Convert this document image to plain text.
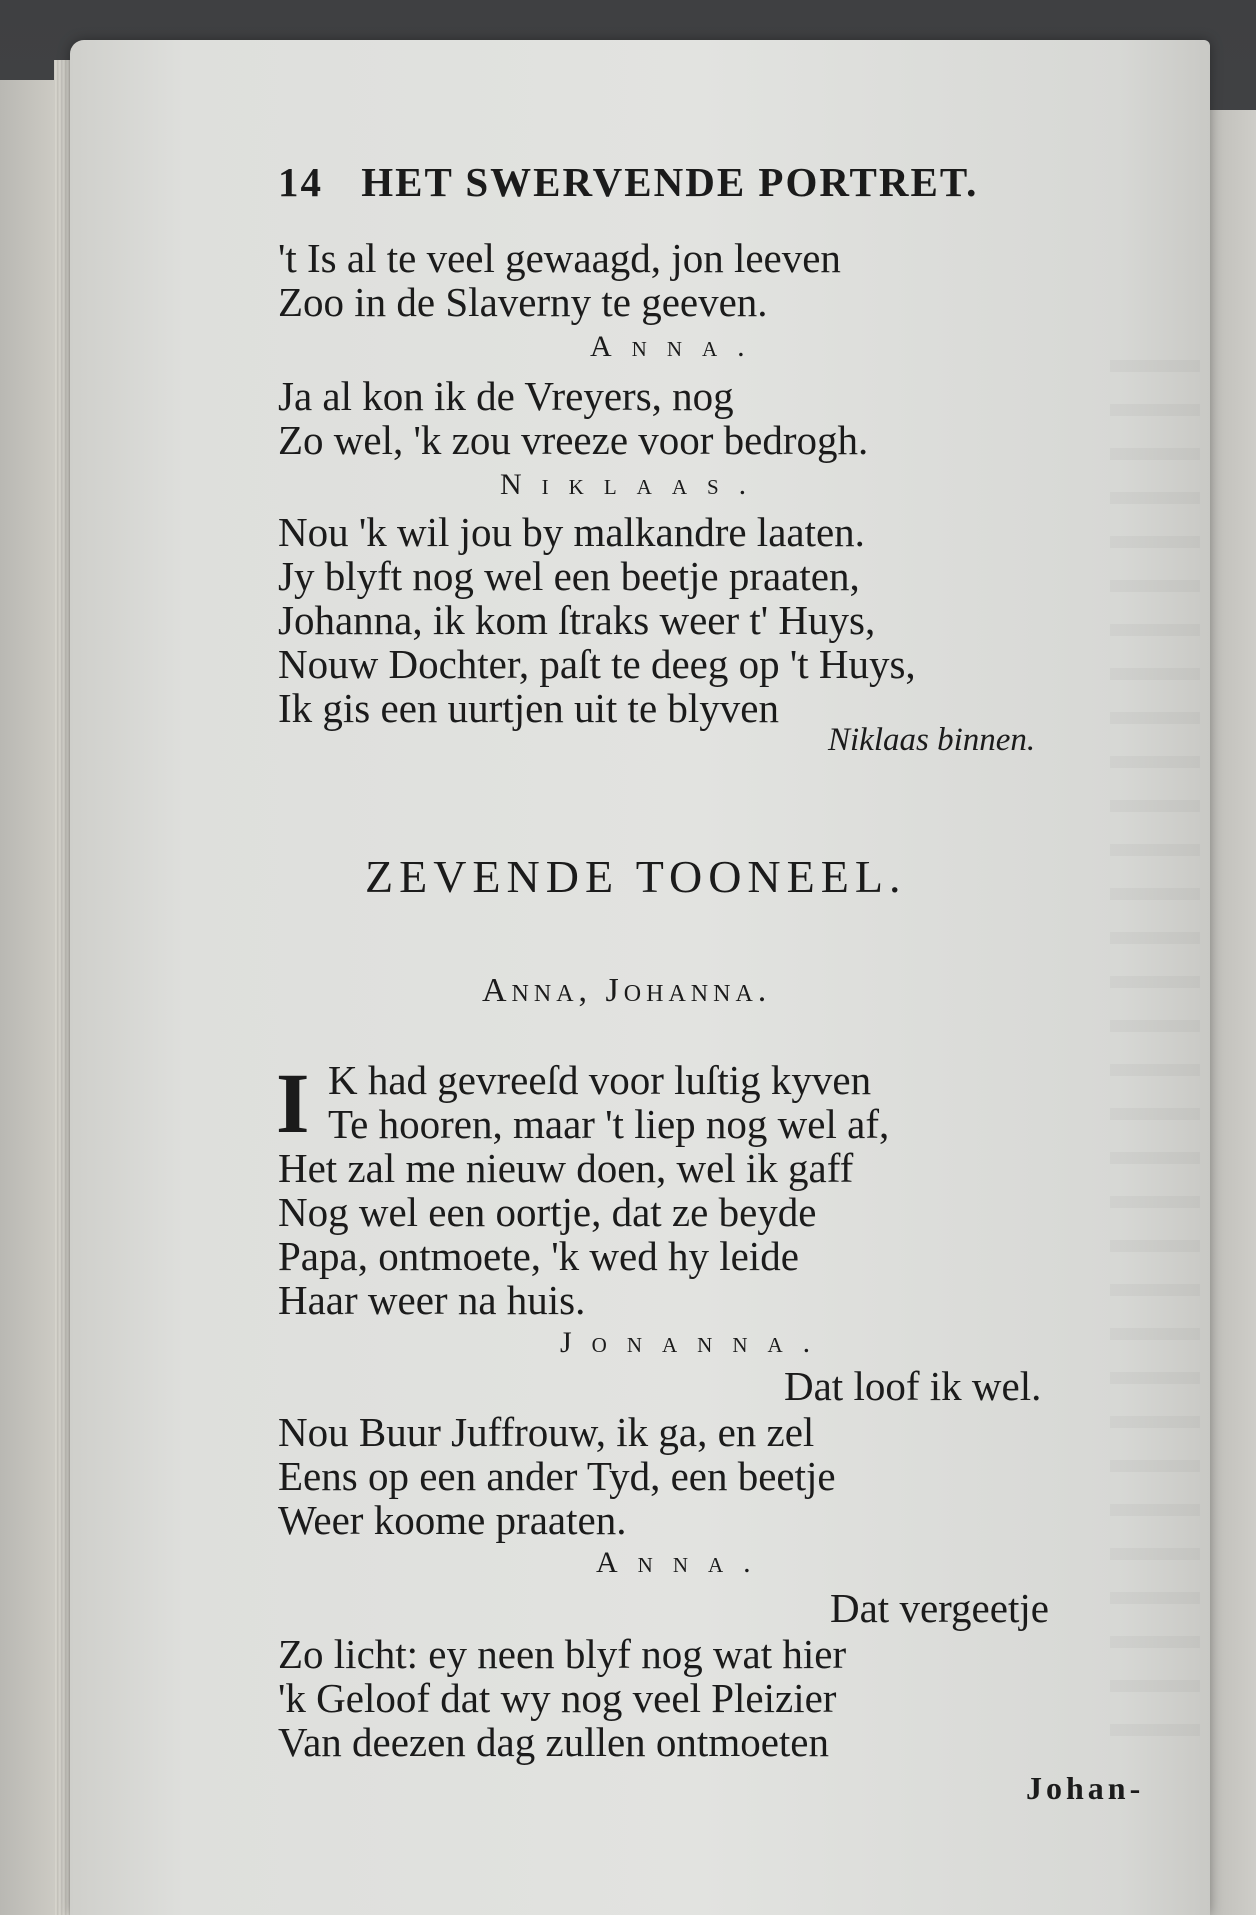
14 HET SWERVENDE PORTRET.
't Is al te veel gewaagd, jon leeven
Zoo in de Slaverny te geeven.
Anna.
Ja al kon ik de Vreyers, nog
Zo wel, 'k zou vreeze voor bedrogh.
Niklaas.
Nou 'k wil jou by malkandre laaten.
Jy blyft nog wel een beetje praaten,
Johanna, ik kom ſtraks weer t' Huys,
Nouw Dochter, paſt te deeg op 't Huys,
Ik gis een uurtjen uit te blyven
Niklaas binnen.
ZEVENDE TOONEEL.
Anna, Johanna.
I K had gevreeſd voor luſtig kyven
Te hooren, maar 't liep nog wel af,
Het zal me nieuw doen, wel ik gaff
Nog wel een oortje, dat ze beyde
Papa, ontmoete, 'k wed hy leide
Haar weer na huis.
Jonanna.
Dat loof ik wel.
Nou Buur Juffrouw, ik ga, en zel
Eens op een ander Tyd, een beetje
Weer koome praaten.
Anna.
Dat vergeetje
Zo licht: ey neen blyf nog wat hier
'k Geloof dat wy nog veel Pleizier
Van deezen dag zullen ontmoeten
Johan-
